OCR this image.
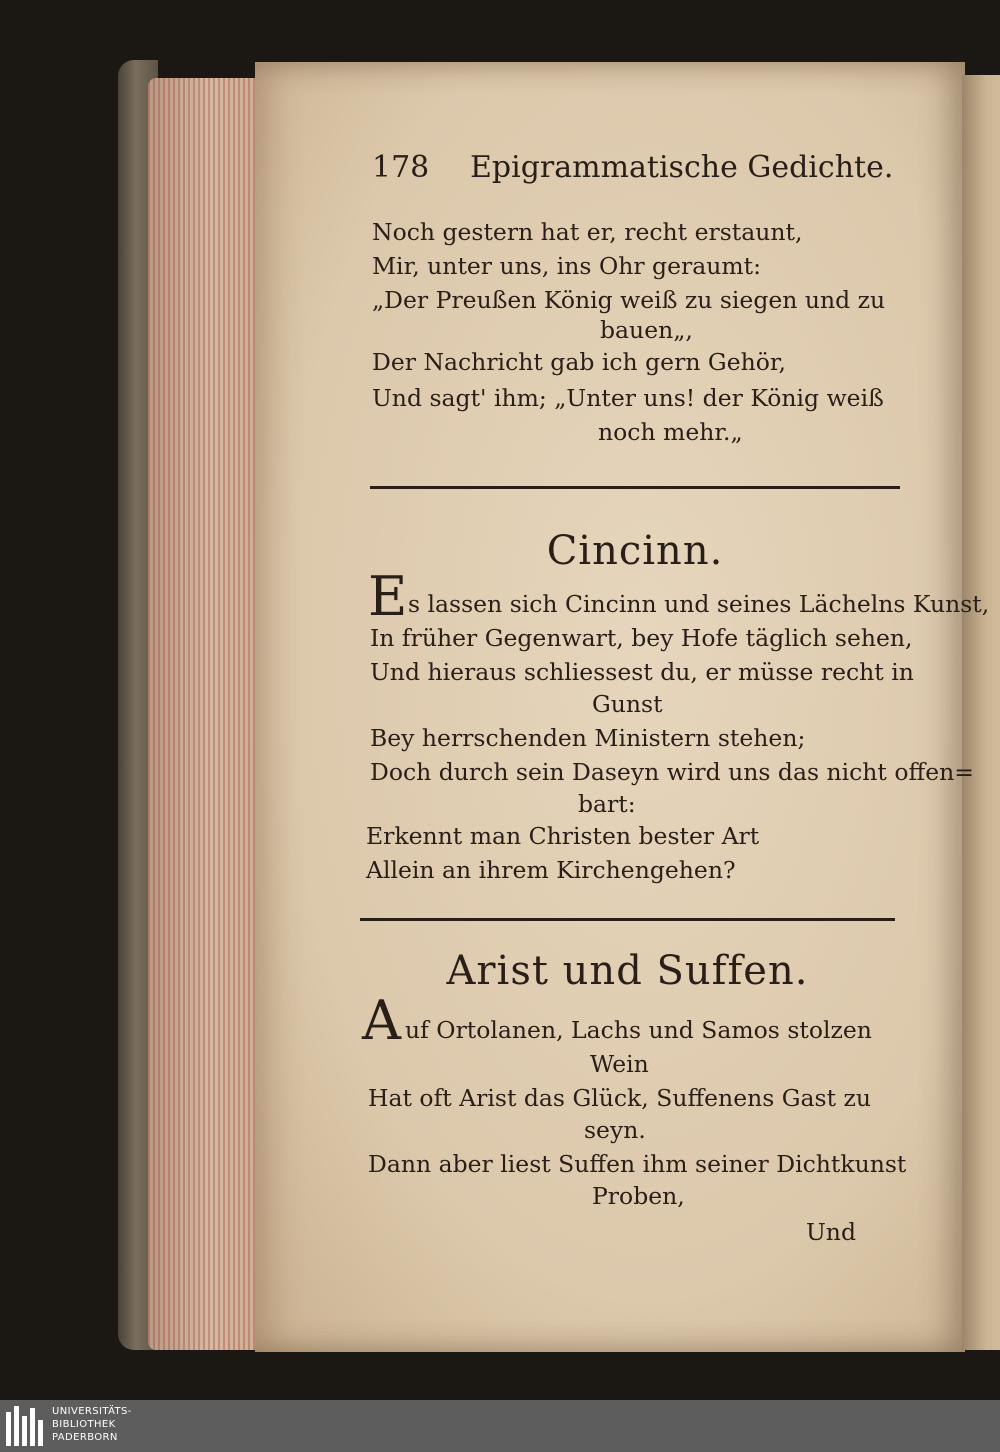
178 Epigrammatische Gedichte.
Noch gestern hat er, recht erstaunt,
Mir, unter uns, ins Ohr geraumt:
„Der Preußen König weiß zu siegen und zu
bauen„,
Der Nachricht gab ich gern Gehör,
Und sagt' ihm; „Unter uns! der König weiß
noch mehr.„
Cincinn.
E s lassen sich Cincinn und seines Lächelns Kunst,
In früher Gegenwart, bey Hofe täglich sehen,
Und hieraus schliessest du, er müsse recht in
Gunst
Bey herrschenden Ministern stehen;
Doch durch sein Daseyn wird uns das nicht offen=
bart:
Erkennt man Christen bester Art
Allein an ihrem Kirchengehen?
Arist und Suffen.
A uf Ortolanen, Lachs und Samos stolzen
Wein
Hat oft Arist das Glück, Suffenens Gast zu
seyn.
Dann aber liest Suffen ihm seiner Dichtkunst
Proben,
Und
UNIVERSITÄTS-
BIBLIOTHEK
PADERBORN
